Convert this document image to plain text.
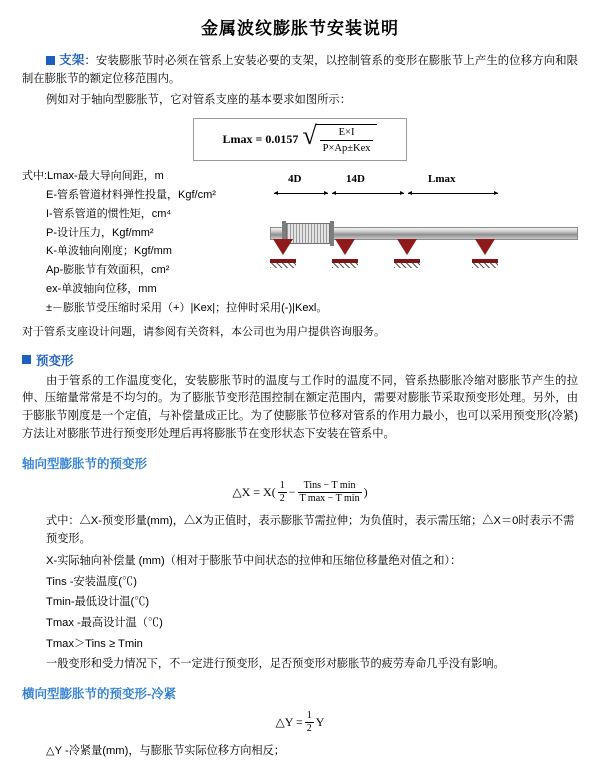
金属波纹膨胀节安装说明

支架：安装膨胀节时必须在管系上安装必要的支架，以控制管系的变形在膨胀节上产生的位移方向和限制在膨胀节的额定位移范围内。

例如对于轴向型膨胀节，它对管系支座的基本要求如图所示：

Lmax = 0.0157 √ $\frac{E\times I}{\text{P×Ap±Kex}}$
式中:Lmax-最大导向间距，m
E-管系管道材料弹性投量，Kgf/cm²
I-管系管道的惯性矩，cm⁴
P-设计压力，Kgf/mm²
K-单波轴向刚度；Kgf/mm
Ap-膨胀节有效面积，cm²
ex-单波轴向位移，mm
±－膨胀节受压缩时采用（+）|Kex|；拉伸时采用(-)|Kexl。
4D	14D	Lmax

对于管系支座设计问题，请参阅有关资料，本公司也为用户提供咨询服务。

预变形

由于管系的工作温度变化，安装膨胀节时的温度与工作时的温度不同，管系热膨胀冷缩对膨胀节产生的拉伸、压缩量常常是不均匀的。为了膨胀节变形范围控制在额定范围内，需要对膨胀节采取预变形处理。另外，由于膨胀节刚度是一个定值，与补偿量成正比。为了使膨胀节位移对管系的作用力最小，也可以采用预变形(冷紧)方法让对膨胀节进行预变形处理后再将膨胀节在变形状态下安装在管系中。

轴向型膨胀节的预变形
△X = $X( \frac{1}{2} - \frac{\text{Tins − T min}}{\text{T max − T min}}$ )

式中：△X-预变形量(mm)，△X为正值时，表示膨胀节需拉伸；为负值时，表示需压缩；△X＝0时表示不需预变形。

X-实际轴向补偿量 (mm)（相对于膨胀节中间状态的拉伸和压缩位移量绝对值之和）：
Tins -安装温度(℃)
Tmin-最低设计温(℃)
Tmax -最高设计温（℃)
Tmax＞Tins ≥ Tmin

一般变形和受力情况下，不一定进行预变形，足否预变形对膨胀节的疲劳寿命几乎没有影响。

横向型膨胀节的预变形-冷紧
△Y = $\frac{1}{2}$ Y

△Y -冷紧量(mm)，与膨胀节实际位移方向相反；
